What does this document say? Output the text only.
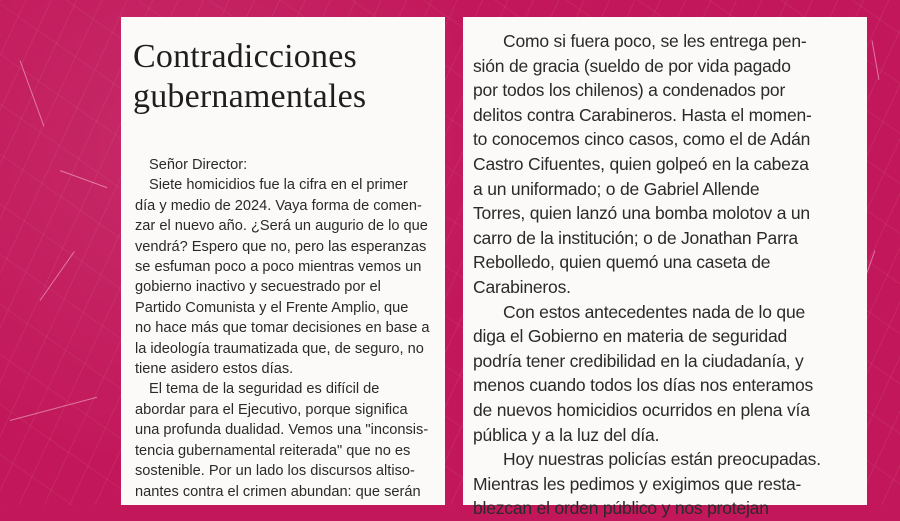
Contradicciones
gubernamentales

Señor Director:

Siete homicidios fue la cifra en el primer

día y medio de 2024. Vaya forma de comen-

zar el nuevo año. ¿Será un augurio de lo que

vendrá? Espero que no, pero las esperanzas

se esfuman poco a poco mientras vemos un

gobierno inactivo y secuestrado por el

Partido Comunista y el Frente Amplio, que

no hace más que tomar decisiones en base a

la ideología traumatizada que, de seguro, no

tiene asidero estos días.

El tema de la seguridad es difícil de

abordar para el Ejecutivo, porque significa

una profunda dualidad. Vemos una "inconsis-

tencia gubernamental reiterada" que no es

sostenible. Por un lado los discursos altiso-

nantes contra el crimen abundan: que serán

Como si fuera poco, se les entrega pen-

sión de gracia (sueldo de por vida pagado

por todos los chilenos) a condenados por

delitos contra Carabineros. Hasta el momen-

to conocemos cinco casos, como el de Adán

Castro Cifuentes, quien golpeó en la cabeza

a un uniformado; o de Gabriel Allende

Torres, quien lanzó una bomba molotov a un

carro de la institución; o de Jonathan Parra

Rebolledo, quien quemó una caseta de

Carabineros.

Con estos antecedentes nada de lo que

diga el Gobierno en materia de seguridad

podría tener credibilidad en la ciudadanía, y

menos cuando todos los días nos enteramos

de nuevos homicidios ocurridos en plena vía

pública y a la luz del día.

Hoy nuestras policías están preocupadas.

Mientras les pedimos y exigimos que resta-

blezcan el orden público y nos protejan
